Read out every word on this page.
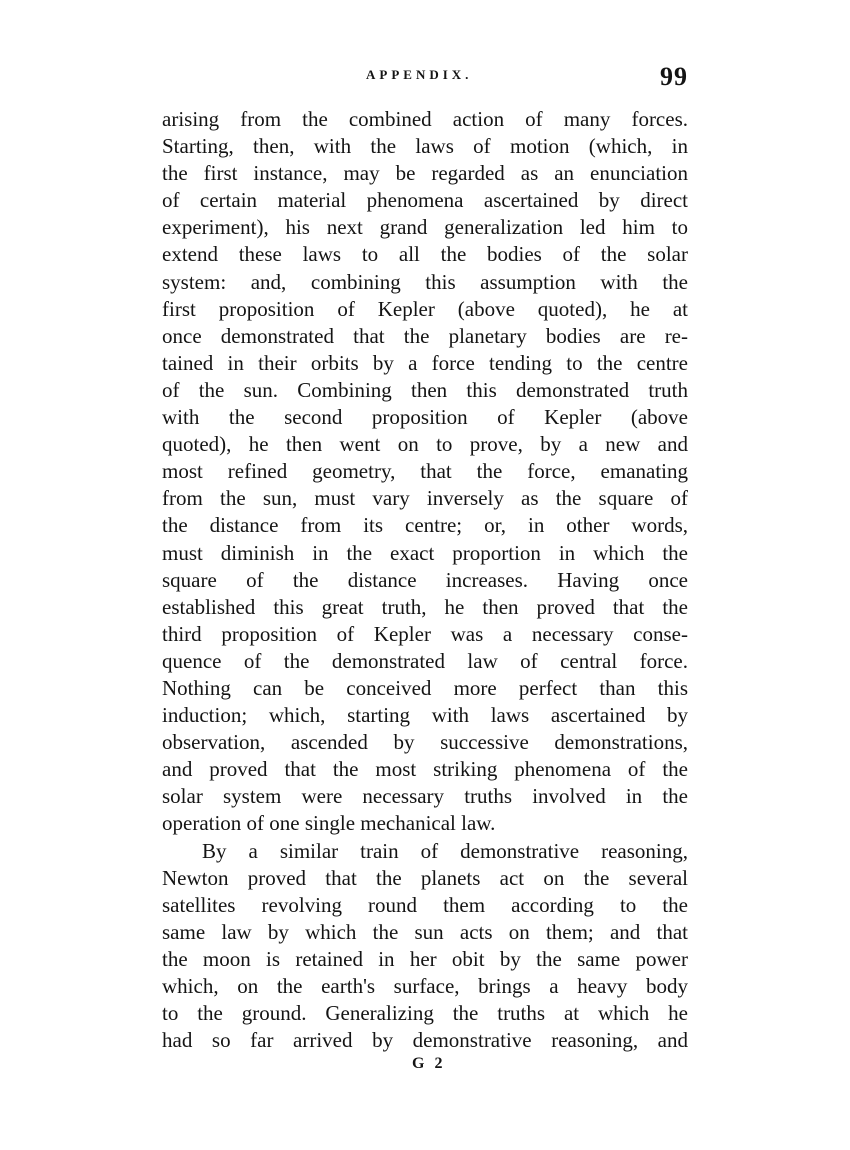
APPENDIX.	99
arising from the combined action of many forces.
Starting, then, with the laws of motion (which, in
the first instance, may be regarded as an enunciation
of certain material phenomena ascertained by direct
experiment), his next grand generalization led him to
extend these laws to all the bodies of the solar
system: and, combining this assumption with the
first proposition of Kepler (above quoted), he at
once demonstrated that the planetary bodies are re-
tained in their orbits by a force tending to the centre
of the sun. Combining then this demonstrated truth
with the second proposition of Kepler (above
quoted), he then went on to prove, by a new and
most refined geometry, that the force, emanating
from the sun, must vary inversely as the square of
the distance from its centre; or, in other words,
must diminish in the exact proportion in which the
square of the distance increases. Having once
established this great truth, he then proved that the
third proposition of Kepler was a necessary conse-
quence of the demonstrated law of central force.
Nothing can be conceived more perfect than this
induction; which, starting with laws ascertained by
observation, ascended by successive demonstrations,
and proved that the most striking phenomena of the
solar system were necessary truths involved in the
operation of one single mechanical law.
By a similar train of demonstrative reasoning,
Newton proved that the planets act on the several
satellites revolving round them according to the
same law by which the sun acts on them; and that
the moon is retained in her obit by the same power
which, on the earth's surface, brings a heavy body
to the ground. Generalizing the truths at which he
had so far arrived by demonstrative reasoning, and
G 2
